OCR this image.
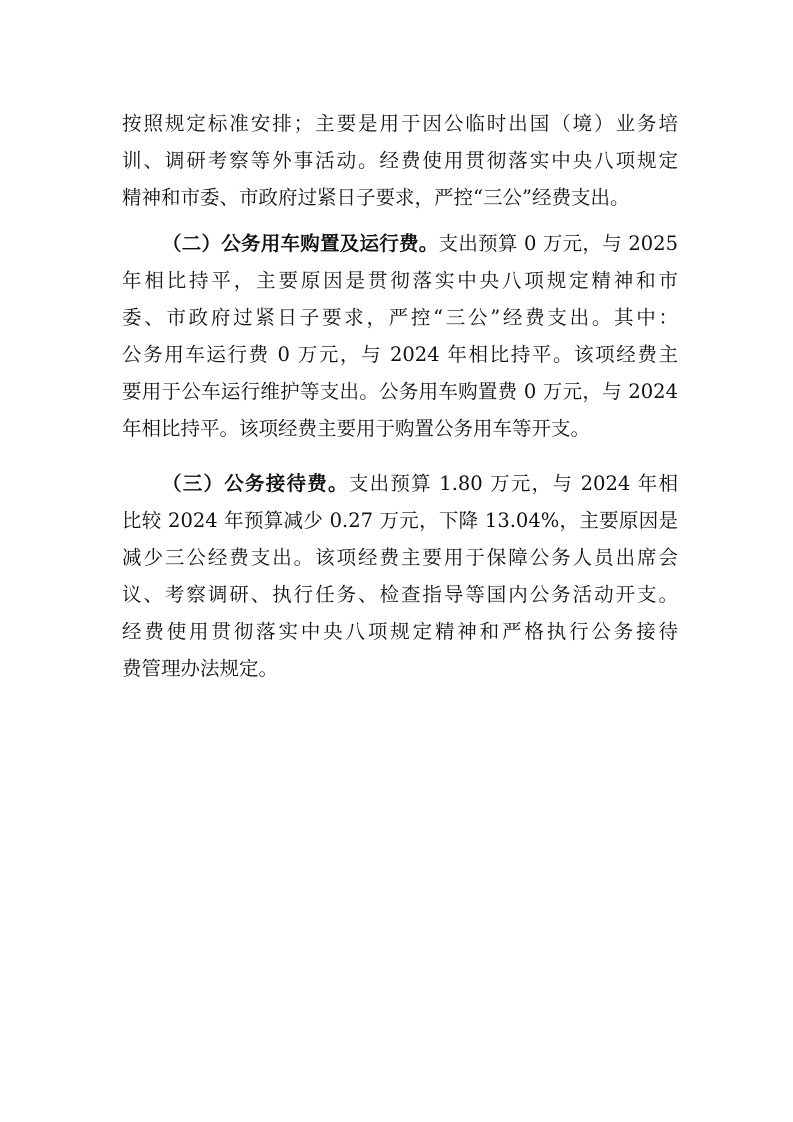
按照规定标准安排；主要是用于因公临时出国（境）业务培
训、调研考察等外事活动。经费使用贯彻落实中央八项规定
精神和市委、市政府过紧日子要求，严控“三公”经费支出。
（二）公务用车购置及运行费。支出预算 0 万元，与 2025
年相比持平，主要原因是贯彻落实中央八项规定精神和市
委、市政府过紧日子要求，严控“三公”经费支出。其中：
公务用车运行费 0 万元，与 2024 年相比持平。该项经费主
要用于公车运行维护等支出。公务用车购置费 0 万元，与 2024
年相比持平。该项经费主要用于购置公务用车等开支。
（三）公务接待费。支出预算 1.80 万元，与 2024 年相
比较 2024 年预算减少 0.27 万元，下降 13.04%，主要原因是
减少三公经费支出。该项经费主要用于保障公务人员出席会
议、考察调研、执行任务、检查指导等国内公务活动开支。
经费使用贯彻落实中央八项规定精神和严格执行公务接待
费管理办法规定。
